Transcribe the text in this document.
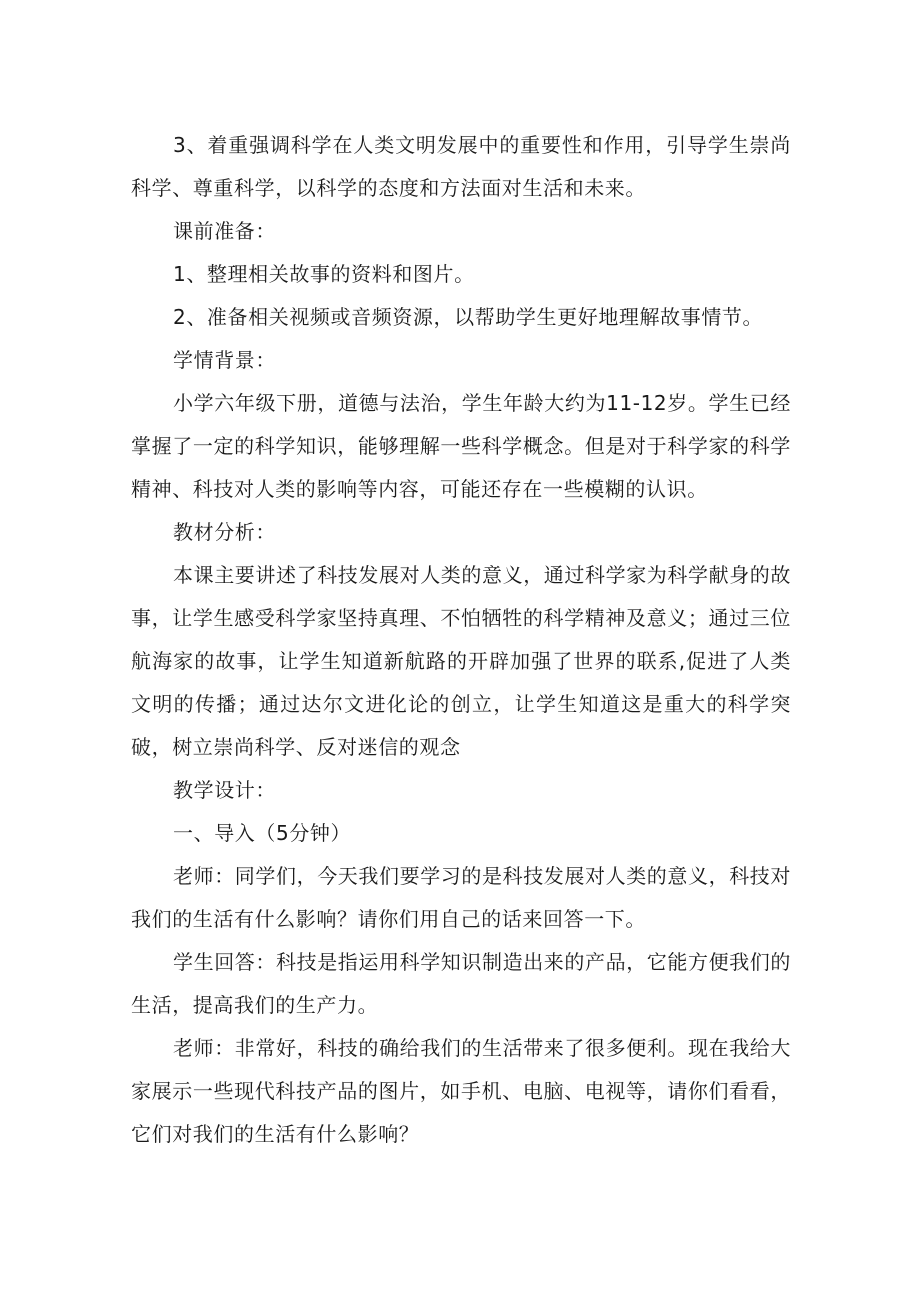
3、着重强调科学在人类文明发展中的重要性和作用，引导学生崇尚科学、尊重科学，以科学的态度和方法面对生活和未来。

课前准备：

1、整理相关故事的资料和图片。

2、准备相关视频或音频资源，以帮助学生更好地理解故事情节。

学情背景：

小学六年级下册，道德与法治，学生年龄大约为11-12岁。学生已经掌握了一定的科学知识，能够理解一些科学概念。但是对于科学家的科学精神、科技对人类的影响等内容，可能还存在一些模糊的认识。

教材分析：

本课主要讲述了科技发展对人类的意义，通过科学家为科学献身的故事，让学生感受科学家坚持真理、不怕牺牲的科学精神及意义；通过三位航海家的故事，让学生知道新航路的开辟加强了世界的联系,促进了人类文明的传播；通过达尔文进化论的创立，让学生知道这是重大的科学突破，树立崇尚科学、反对迷信的观念

教学设计：

一、导入（5分钟）

老师：同学们，今天我们要学习的是科技发展对人类的意义，科技对我们的生活有什么影响？请你们用自己的话来回答一下。

学生回答：科技是指运用科学知识制造出来的产品，它能方便我们的生活，提高我们的生产力。

老师：非常好，科技的确给我们的生活带来了很多便利。现在我给大家展示一些现代科技产品的图片，如手机、电脑、电视等，请你们看看，它们对我们的生活有什么影响？
